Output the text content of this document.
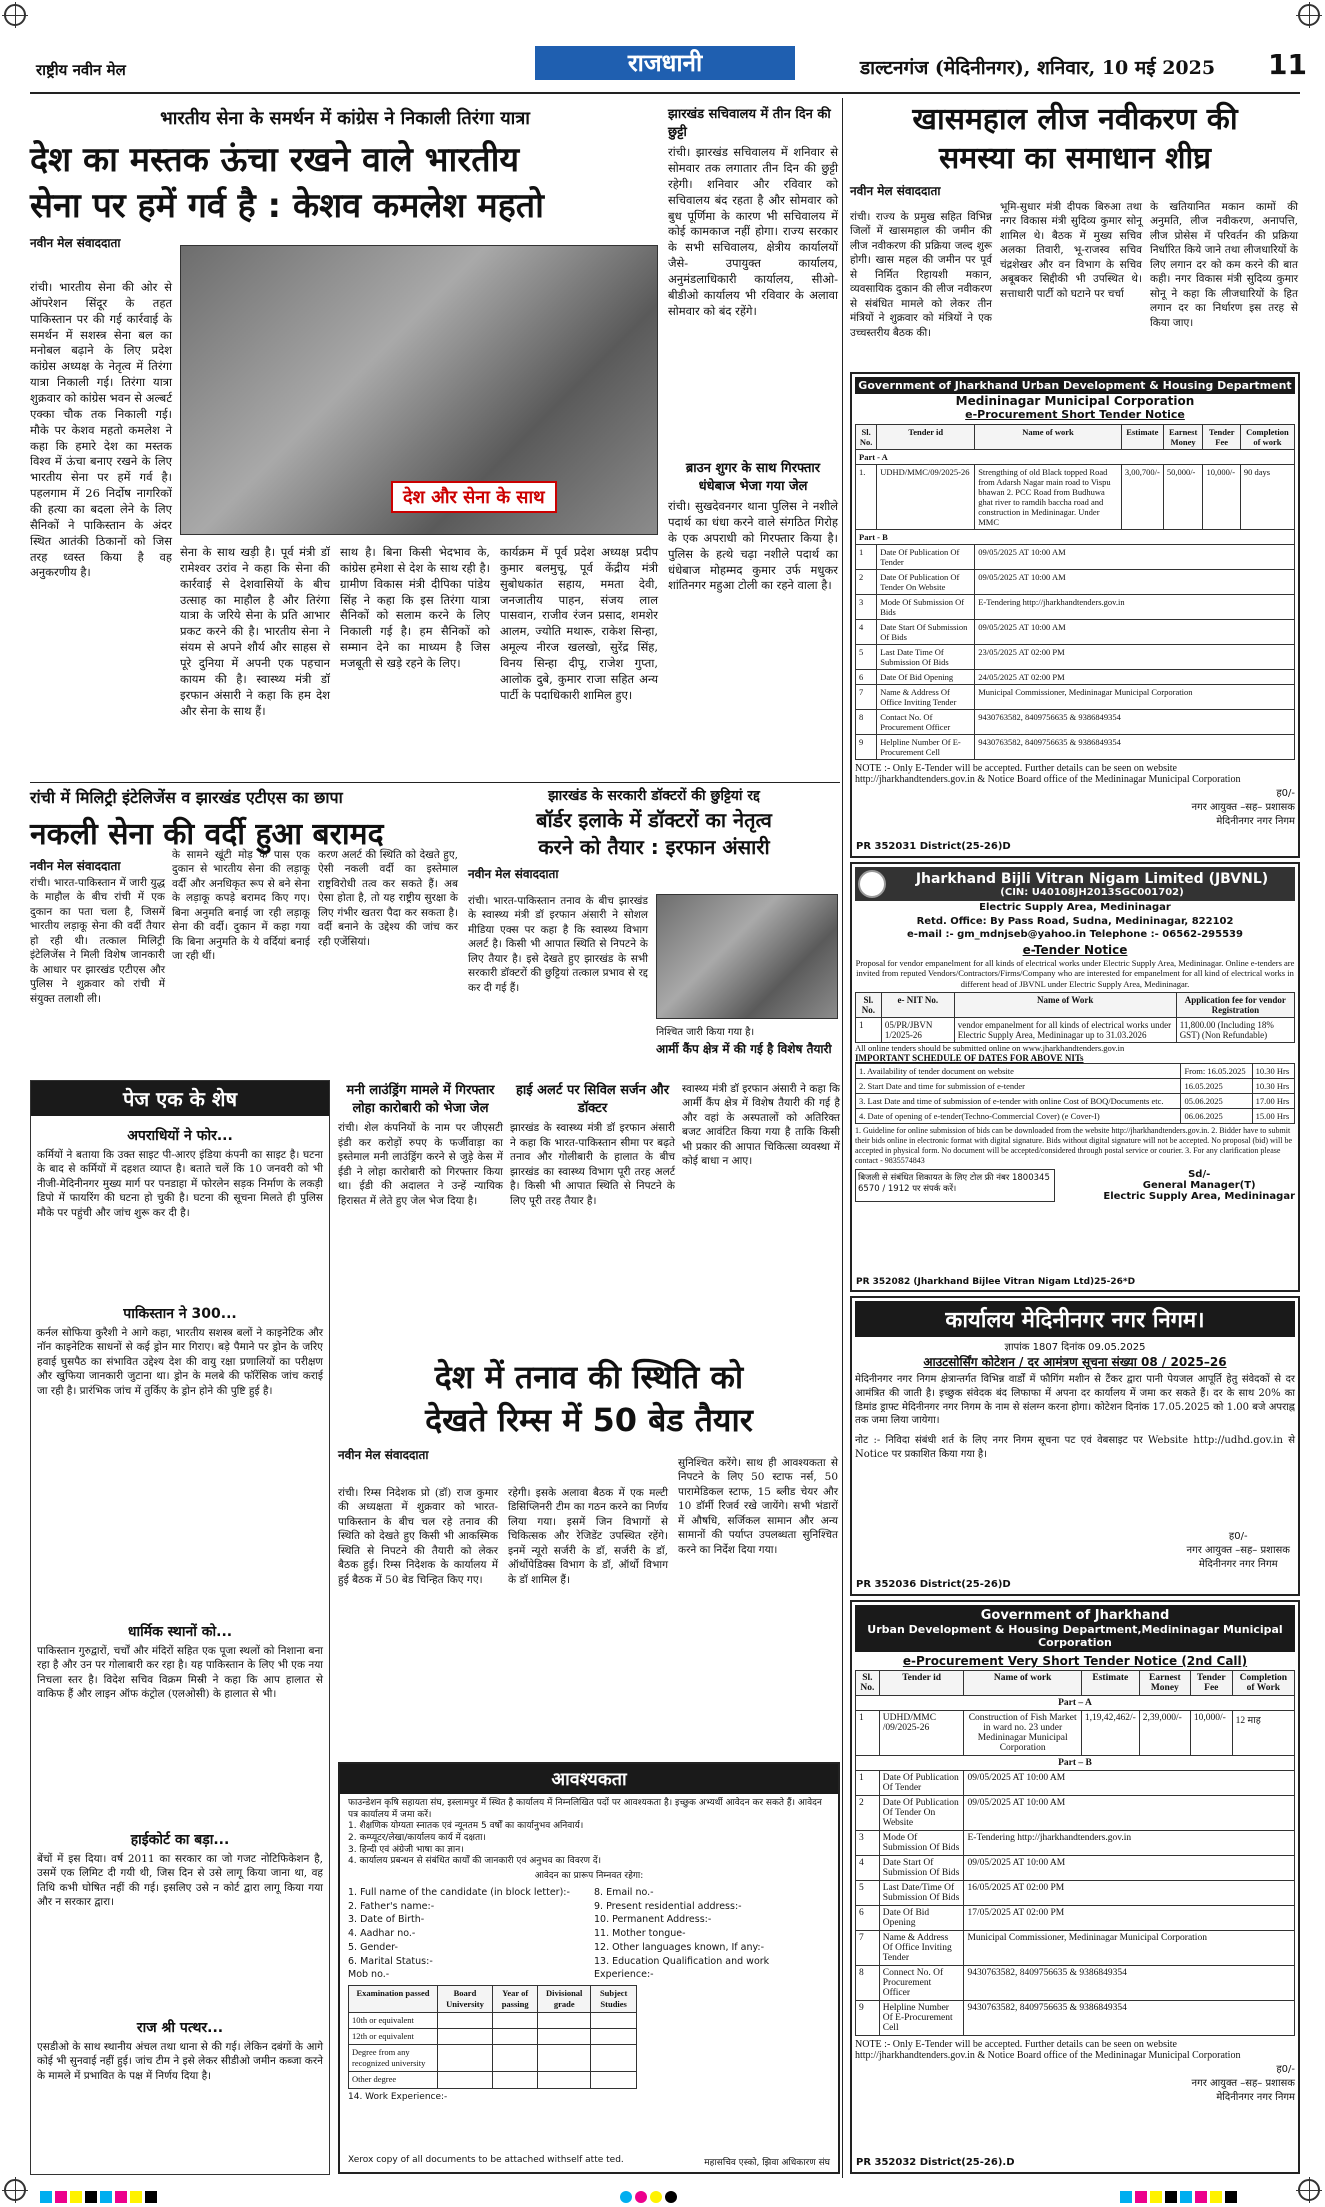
राष्ट्रीय नवीन मेल	राजधानी	डाल्टनगंज (मेदिनीनगर), शनिवार, 10 मई 2025 11
भारतीय सेना के समर्थन में कांग्रेस ने निकाली तिरंगा यात्रा
देश का मस्तक ऊंचा रखने वाले भारतीय
सेना पर हमें गर्व है : केशव कमलेश महतो
नवीन मेल संवाददाता
रांची। भारतीय सेना की ओर से ऑपरेशन सिंदूर के तहत पाकिस्तान पर की गई कार्रवाई के समर्थन में सशस्त्र सेना बल का मनोबल बढ़ाने के लिए प्रदेश कांग्रेस अध्यक्ष के नेतृत्व में तिरंगा यात्रा निकाली गई। तिरंगा यात्रा शुक्रवार को कांग्रेस भवन से अल्बर्ट एक्का चौक तक निकाली गई। मौके पर केशव महतो कमलेश ने कहा कि हमारे देश का मस्तक विश्व में ऊंचा बनाए रखने के लिए भारतीय सेना पर हमें गर्व है। पहलगाम में 26 निर्दोष नागरिकों की हत्या का बदला लेने के लिए सैनिकों ने पाकिस्तान के अंदर स्थित आतंकी ठिकानों को जिस तरह ध्वस्त किया है वह अनुकरणीय है।
देश और सेना के साथ
सेना के साथ खड़ी है। पूर्व मंत्री डॉ रामेश्वर उरांव ने कहा कि सेना की कार्रवाई से देशवासियों के बीच उत्साह का माहौल है और तिरंगा यात्रा के जरिये सेना के प्रति आभार प्रकट करने की है। भारतीय सेना ने संयम से अपने शौर्य और साहस से पूरे दुनिया में अपनी एक पहचान कायम की है। स्वास्थ्य मंत्री डॉ इरफान अंसारी ने कहा कि हम देश और सेना के साथ हैं।
साथ है। बिना किसी भेदभाव के, कांग्रेस हमेशा से देश के साथ रही है। ग्रामीण विकास मंत्री दीपिका पांडेय सिंह ने कहा कि इस तिरंगा यात्रा सैनिकों को सलाम करने के लिए निकाली गई है। हम सैनिकों को सम्मान देने का माध्यम है जिस मजबूती से खड़े रहने के लिए।
कार्यक्रम में पूर्व प्रदेश अध्यक्ष प्रदीप कुमार बलमुचू, पूर्व केंद्रीय मंत्री सुबोधकांत सहाय, ममता देवी, जनजातीय पाहन, संजय लाल पासवान, राजीव रंजन प्रसाद, शमशेर आलम, ज्योति मथारू, राकेश सिन्हा, अमूल्य नीरज खलखो, सुरेंद्र सिंह, विनय सिन्हा दीपू, राजेश गुप्ता, आलोक दुबे, कुमार राजा सहित अन्य पार्टी के पदाधिकारी शामिल हुए।
झारखंड सचिवालय में तीन दिन की छुट्टी
रांची। झारखंड सचिवालय में शनिवार से सोमवार तक लगातार तीन दिन की छुट्टी रहेगी। शनिवार और रविवार को सचिवालय बंद रहता है और सोमवार को बुध पूर्णिमा के कारण भी सचिवालय में कोई कामकाज नहीं होगा। राज्य सरकार के सभी सचिवालय, क्षेत्रीय कार्यालयों जैसे- उपायुक्त कार्यालय, अनुमंडलाधिकारी कार्यालय, सीओ-बीडीओ कार्यालय भी रविवार के अलावा सोमवार को बंद रहेंगे।
ब्राउन शुगर के साथ गिरफ्तार धंधेबाज भेजा गया जेल
रांची। सुखदेवनगर थाना पुलिस ने नशीले पदार्थ का धंधा करने वाले संगठित गिरोह के एक अपराधी को गिरफ्तार किया है। पुलिस के हत्थे चढ़ा नशीले पदार्थ का धंधेबाज मोहम्मद कुमार उर्फ मधुकर शांतिनगर महुआ टोली का रहने वाला है।
खासमहाल लीज नवीकरण की
समस्या का समाधान शीघ्र
नवीन मेल संवाददाता
रांची। राज्य के प्रमुख सहित विभिन्न जिलों में खासमहाल की जमीन की लीज नवीकरण की प्रक्रिया जल्द शुरू होगी। खास महल की जमीन पर पूर्व से निर्मित रिहायशी मकान, व्यवसायिक दुकान की लीज नवीकरण से संबंधित मामले को लेकर तीन मंत्रियों ने शुक्रवार को मंत्रियों ने एक उच्चस्तरीय बैठक की।
भूमि-सुधार मंत्री दीपक बिरुआ तथा नगर विकास मंत्री सुदिव्य कुमार सोनू शामिल थे। बैठक में मुख्य सचिव अलका तिवारी, भू-राजस्व सचिव चंद्रशेखर और वन विभाग के सचिव अबूबकर सिद्दीकी भी उपस्थित थे। सत्ताधारी पार्टी को घटाने पर चर्चा
के खतियानित मकान कामों की अनुमति, लीज नवीकरण, अनापत्ति, लीज प्रोसेस में परिवर्तन की प्रक्रिया निर्धारित किये जाने तथा लीजधारियों के लिए लगान दर को कम करने की बात कही। नगर विकास मंत्री सुदिव्य कुमार सोनू ने कहा कि लीजधारियों के हित लगान दर का निर्धारण इस तरह से किया जाए।
Government of Jharkhand Urban Development & Housing Department
Medininagar Municipal Corporation
e-Procurement Short Tender Notice
Sl. No.	Tender id	Name of work	Estimate	Earnest Money	Tender Fee	Completion of work
Part - A						
1.	UDHD/MMC/09/2025-26	Strengthing of old Black topped Road from Adarsh Nagar main road to Vispu bhawan 2. PCC Road from Budhuwa ghat river to ramdih baccha road and construction in Medininagar. Under MMC	3,00,700/-	50,000/-	10,000/-	90 days
Part - B						
1	Date Of Publication Of Tender	09/05/2025 AT 10:00 AM				
2	Date Of Publication Of Tender On Website	09/05/2025 AT 10:00 AM				
3	Mode Of Submission Of Bids	E-Tendering http://jharkhandtenders.gov.in				
4	Date Start Of Submission Of Bids	09/05/2025 AT 10:00 AM				
5	Last Date Time Of Submission Of Bids	23/05/2025 AT 02:00 PM				
6	Date Of Bid Opening	24/05/2025 AT 02:00 PM				
7	Name & Address Of Office Inviting Tender	Municipal Commissioner, Medininagar Municipal Corporation				
8	Contact No. Of Procurement Officer	9430763582, 8409756635 & 9386849354				
9	Helpline Number Of E-Procurement Cell	9430763582, 8409756635 & 9386849354				
NOTE :- Only E-Tender will be accepted. Further details can be seen on website http://jharkhandtenders.gov.in & Notice Board office of the Medininagar Municipal Corporation
ह0/-
नगर आयुक्त –सह– प्रशासक
मेदिनीनगर नगर निगम
PR 352031 District(25-26)D
रांची में मिलिट्री इंटेलिजेंस व झारखंड एटीएस का छापा
नकली सेना की वर्दी हुआ बरामद
नवीन मेल संवाददाता
रांची। भारत-पाकिस्तान में जारी युद्ध के माहौल के बीच रांची में एक दुकान का पता चला है, जिसमें भारतीय लड़ाकू सेना की वर्दी तैयार हो रही थी। तत्काल मिलिट्री इंटेलिजेंस ने मिली विशेष जानकारी के आधार पर झारखंड एटीएस और पुलिस ने शुक्रवार को रांची में संयुक्त तलाशी ली।
के सामने खूंटी मोड़ के पास एक दुकान से भारतीय सेना की लड़ाकू वर्दी और अनधिकृत रूप से बने सेना के लड़ाकू कपड़े बरामद किए गए। बिना अनुमति बनाई जा रही लड़ाकू सेना की वर्दी। दुकान में कहा गया कि बिना अनुमति के ये वर्दियां बनाई जा रही थीं।
करण अलर्ट की स्थिति को देखते हुए, ऐसी नकली वर्दी का इस्तेमाल राष्ट्रविरोधी तत्व कर सकते हैं। अब ऐसा होता है, तो यह राष्ट्रीय सुरक्षा के लिए गंभीर खतरा पैदा कर सकता है। वर्दी बनाने के उद्देश्य की जांच कर रही एजेंसियां।
झारखंड के सरकारी डॉक्टरों की छुट्टियां रद्द
बॉर्डर इलाके में डॉक्टरों का नेतृत्व
करने को तैयार : इरफान अंसारी
नवीन मेल संवाददाता
रांची। भारत-पाकिस्तान तनाव के बीच झारखंड के स्वास्थ्य मंत्री डॉ इरफान अंसारी ने सोशल मीडिया एक्स पर कहा है कि स्वास्थ्य विभाग अलर्ट है। किसी भी आपात स्थिति से निपटने के लिए तैयार है। इसे देखते हुए झारखंड के सभी सरकारी डॉक्टरों की छुट्टियां तत्काल प्रभाव से रद्द कर दी गई हैं।
निश्चित जारी किया गया है।
आर्मी कैंप क्षेत्र में की गई है विशेष तैयारी
पेज एक के शेष
अपराधियों ने फोर...
कर्मियों ने बताया कि उक्त साइट पी-आरए इंडिया कंपनी का साइट है। घटना के बाद से कर्मियों में दहशत व्याप्त है। बताते चलें कि 10 जनवरी को भी नीजी-मेदिनीनगर मुख्य मार्ग पर पनडाहा में फोरलेन सड़क निर्माण के लकड़ी डिपो में फायरिंग की घटना हो चुकी है। घटना की सूचना मिलते ही पुलिस मौके पर पहुंची और जांच शुरू कर दी है।
पाकिस्तान ने 300...
कर्नल सोफिया कुरैशी ने आगे कहा, भारतीय सशस्त्र बलों ने काइनेटिक और नॉन काइनेटिक साधनों से कई ड्रोन मार गिराए। बड़े पैमाने पर ड्रोन के जरिए हवाई घुसपैठ का संभावित उद्देश्य देश की वायु रक्षा प्रणालियों का परीक्षण और खुफिया जानकारी जुटाना था। ड्रोन के मलबे की फॉरेंसिक जांच कराई जा रही है। प्रारंभिक जांच में तुर्किए के ड्रोन होने की पुष्टि हुई है।
धार्मिक स्थानों को...
पाकिस्तान गुरुद्वारों, चर्चों और मंदिरों सहित एक पूजा स्थलों को निशाना बना रहा है और उन पर गोलाबारी कर रहा है। यह पाकिस्तान के लिए भी एक नया निचला स्तर है। विदेश सचिव विक्रम मिस्री ने कहा कि आप हालात से वाकिफ हैं और लाइन ऑफ कंट्रोल (एलओसी) के हालात से भी।
हाईकोर्ट का बड़ा...
बेंचों में इस दिया। वर्ष 2011 का सरकार का जो गजट नोटिफिकेशन है, उसमें एक लिमिट दी गयी थी, जिस दिन से उसे लागू किया जाना था, वह तिथि कभी घोषित नहीं की गई। इसलिए उसे न कोर्ट द्वारा लागू किया गया और न सरकार द्वारा।
राज श्री पत्थर...
एसडीओ के साथ स्थानीय अंचल तथा थाना से की गई। लेकिन दबंगों के आगे कोई भी सुनवाई नहीं हुई। जांच टीम ने इसे लेकर सीडीओ जमीन कब्जा करने के मामले में प्रभावित के पक्ष में निर्णय दिया है।
मनी लाउंड्रिंग मामले में गिरफ्तार लोहा कारोबारी को भेजा जेल
रांची। शेल कंपनियों के नाम पर जीएसटी इंडी कर करोड़ों रुपए के फर्जीवाड़ा का इस्तेमाल मनी लाउंड्रिंग करने से जुड़े केस में ईडी ने लोहा कारोबारी को गिरफ्तार किया था। ईडी की अदालत ने उन्हें न्यायिक हिरासत में लेते हुए जेल भेज दिया है।
हाई अलर्ट पर सिविल सर्जन और डॉक्टर
झारखंड के स्वास्थ्य मंत्री डॉ इरफान अंसारी ने कहा कि भारत-पाकिस्तान सीमा पर बढ़ते तनाव और गोलीबारी के हालात के बीच झारखंड का स्वास्थ्य विभाग पूरी तरह अलर्ट है। किसी भी आपात स्थिति से निपटने के लिए पूरी तरह तैयार है।
स्वास्थ्य मंत्री डॉ इरफान अंसारी ने कहा कि आर्मी कैंप क्षेत्र में विशेष तैयारी की गई है और वहां के अस्पतालों को अतिरिक्त बजट आवंटित किया गया है ताकि किसी भी प्रकार की आपात चिकित्सा व्यवस्था में कोई बाधा न आए।
देश में तनाव की स्थिति को
देखते रिम्स में 50 बेड तैयार
नवीन मेल संवाददाता
रांची। रिम्स निदेशक प्रो (डॉ) राज कुमार की अध्यक्षता में शुक्रवार को भारत-पाकिस्तान के बीच चल रहे तनाव की स्थिति को देखते हुए किसी भी आकस्मिक स्थिति से निपटने की तैयारी को लेकर बैठक हुई। रिम्स निदेशक के कार्यालय में हुई बैठक में 50 बेड चिन्हित किए गए।
रहेगी। इसके अलावा बैठक में एक मल्टी डिसिप्लिनरी टीम का गठन करने का निर्णय लिया गया। इसमें जिन विभागों से चिकित्सक और रेजिडेंट उपस्थित रहेंगे। इनमें न्यूरो सर्जरी के डॉ, सर्जरी के डॉ, ऑर्थोपेडिक्स विभाग के डॉ, ऑर्थो विभाग के डॉ शामिल हैं।
सुनिश्चित करेंगे। साथ ही आवश्यकता से निपटने के लिए 50 स्टाफ नर्स, 50 पारामेडिकल स्टाफ, 15 ब्लीड चेयर और 10 डॉर्मी रिजर्व रखे जायेंगे। सभी भंडारों में औषधि, सर्जिकल सामान और अन्य सामानों की पर्याप्त उपलब्धता सुनिश्चित करने का निर्देश दिया गया।
आवश्यकता
फाउन्डेशन कृषि सहायता संघ, इस्लामपुर में स्थित है कार्यालय में निम्नलिखित पदों पर आवश्यकता है। इच्छुक अभ्यर्थी आवेदन कर सकते हैं। आवेदन पत्र कार्यालय में जमा करें।
1. शैक्षणिक योग्यता स्नातक एवं न्यूनतम 5 वर्षों का कार्यानुभव अनिवार्य।
2. कम्प्यूटर/लेखा/कार्यालय कार्य में दक्षता।
3. हिन्दी एवं अंग्रेजी भाषा का ज्ञान।
4. कार्यालय प्रबन्धन से संबंधित कार्यों की जानकारी एवं अनुभव का विवरण दें।
आवेदन का प्रारूप निम्नवत रहेगा:
1. Full name of the candidate (in block letter):-
2. Father's name:-
3. Date of Birth-
4. Aadhar no.-
5. Gender-
6. Marital Status:-
Mob no.-
8. Email no.-
9. Present residential address:-
10. Permanent Address:-
11. Mother tongue-
12. Other languages known, If any:-
13. Education Qualification and work
Experience:-
Examination passed	Board University	Year of passing	Divisional grade	Subject Studies
10th or equivalent				
12th or equivalent				
Degree from any recognized university				
Other degree				
14. Work Experience:-
Xerox copy of all documents to be attached withself atte ted.	महासचिव एस्को, झिवा अधिकारण संघ
Jharkhand Bijli Vitran Nigam Limited (JBVNL)
(CIN: U40108JH2013SGC001702)
Electric Supply Area, Medininagar
Retd. Office: By Pass Road, Sudna, Medininagar, 822102
e-mail :- gm_mdnjseb@yahoo.in Telephone :- 06562-295539
e-Tender Notice
Proposal for vendor empanelment for all kinds of electrical works under Electric Supply Area, Medininagar. Online e-tenders are invited from reputed Vendors/Contractors/Firms/Company who are interested for empanelment for all kind of electrical works in different head of JBVNL under Electric Supply Area, Medininagar.
Sl. No.	e- NIT No.	Name of Work	Application fee for vendor Registration
1	05/PR/JBVN 1/2025-26	vendor empanelment for all kinds of electrical works under Electric Supply Area, Medininagar up to 31.03.2026	11,800.00 (Including 18% GST) (Non Refundable)
All online tenders should be submitted online on www.jharkhandtenders.gov.in
IMPORTANT SCHEDULE OF DATES FOR ABOVE NITs
1. Availability of tender document on website	From: 16.05.2025	10.30 Hrs
2. Start Date and time for submission of e-tender	16.05.2025	10.30 Hrs
3. Last Date and time of submission of e-tender with online Cost of BOQ/Documents etc.	05.06.2025	17.00 Hrs
4. Date of opening of e-tender(Techno-Commercial Cover) (e Cover-I)	06.06.2025	15.00 Hrs
1. Guideline for online submission of bids can be downloaded from the website http://jharkhandtenders.gov.in. 2. Bidder have to submit their bids online in electronic format with digital signature. Bids without digital signature will not be accepted. No proposal (bid) will be accepted in physical form. No document will be accepted/considered through postal service or courier. 3. For any clarification please contact - 9835574843
बिजली से संबंधित शिकायत के लिए टोल फ्री नंबर 1800345 6570 / 1912 पर संपर्क करें।
Sd/-
General Manager(T)
Electric Supply Area, Medininagar
PR 352082 (Jharkhand Bijlee Vitran Nigam Ltd)25-26*D
कार्यालय मेदिनीनगर नगर निगम।
ज्ञापांक 1807 दिनांक 09.05.2025
आउटसोर्सिंग कोटेशन / दर आमंत्रण सूचना संख्या 08 / 2025–26
मेदिनीनगर नगर निगम क्षेत्रान्तर्गत विभिन्न वार्डों में फौगिंग मशीन से टैंकर द्वारा पानी पेयजल आपूर्ति हेतु संवेदकों से दर आमंत्रित की जाती है। इच्छुक संवेदक बंद लिफाफा में अपना दर कार्यालय में जमा कर सकते हैं। दर के साथ 20% का डिमांड ड्राफ्ट मेदिनीनगर नगर निगम के नाम से संलग्न करना होगा। कोटेशन दिनांक 17.05.2025 को 1.00 बजे अपराह्न तक जमा लिया जायेगा।
नोट :- निविदा संबंधी शर्त के लिए नगर निगम सूचना पट एवं वेबसाइट पर Website http://udhd.gov.in से Notice पर प्रकाशित किया गया है।
ह0/-
नगर आयुक्त –सह– प्रशासक
मेदिनीनगर नगर निगम
PR 352036 District(25-26)D
Government of Jharkhand
Urban Development & Housing Department,Medininagar Municipal Corporation
e-Procurement Very Short Tender Notice (2nd Call)
Sl. No.	Tender id	Name of work	Estimate	Earnest Money	Tender Fee	Completion of Work
Part – A						
1	UDHD/MMC /09/2025-26	Construction of Fish Market in ward no. 23 under Medininagar Municipal Corporation	1,19,42,462/-	2,39,000/-	10,000/-	12 माह
Part – B						
1	Date Of Publication Of Tender	09/05/2025 AT 10:00 AM				
2	Date Of Publication Of Tender On Website	09/05/2025 AT 10:00 AM				
3	Mode Of Submission Of Bids	E-Tendering http://jharkhandtenders.gov.in				
4	Date Start Of Submission Of Bids	09/05/2025 AT 10:00 AM				
5	Last Date/Time Of Submission Of Bids	16/05/2025 AT 02:00 PM				
6	Date Of Bid Opening	17/05/2025 AT 02:00 PM				
7	Name & Address Of Office Inviting Tender	Municipal Commissioner, Medininagar Municipal Corporation				
8	Connect No. Of Procurement Officer	9430763582, 8409756635 & 9386849354				
9	Helpline Number Of E-Procurement Cell	9430763582, 8409756635 & 9386849354				
NOTE :- Only E-Tender will be accepted. Further details can be seen on website http://jharkhandtenders.gov.in & Notice Board office of the Medininagar Municipal Corporation
ह0/-
नगर आयुक्त –सह– प्रशासक
मेदिनीनगर नगर निगम
PR 352032 District(25-26).D
